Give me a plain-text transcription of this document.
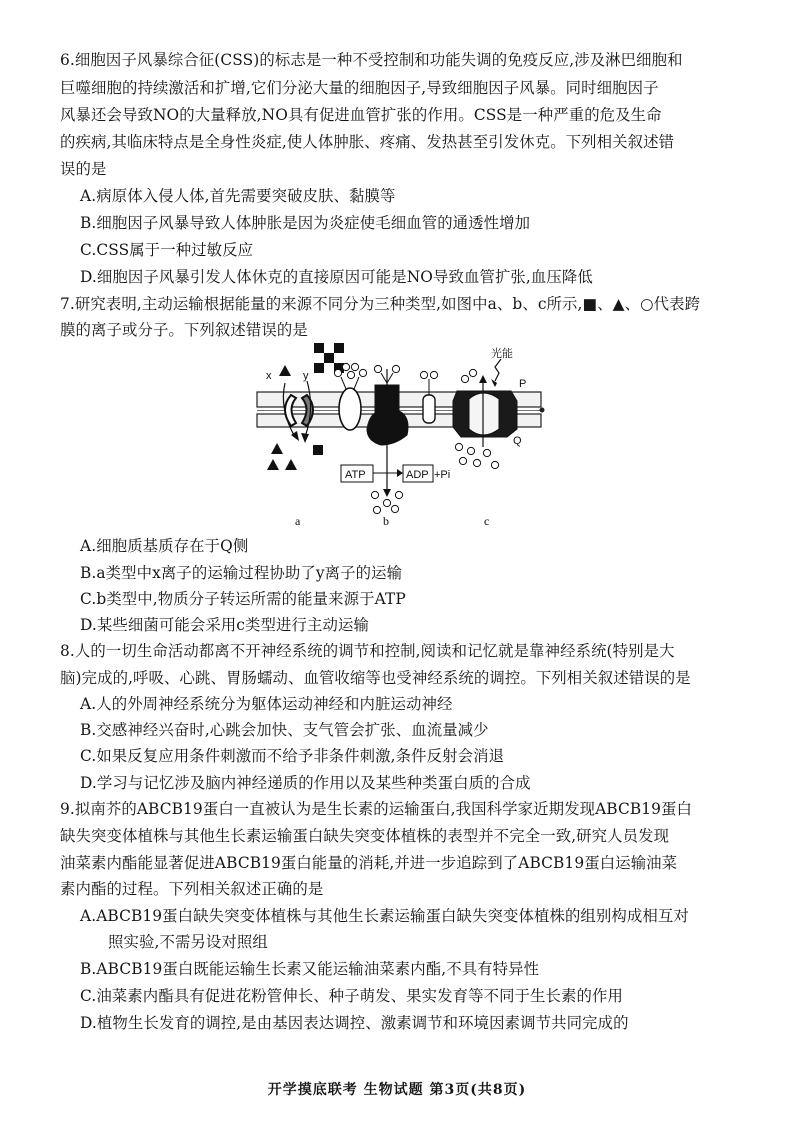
6.细胞因子风暴综合征(CSS)的标志是一种不受控制和功能失调的免疫反应,涉及淋巴细胞和
巨噬细胞的持续激活和扩增,它们分泌大量的细胞因子,导致细胞因子风暴。同时细胞因子
风暴还会导致NO的大量释放,NO具有促进血管扩张的作用。CSS是一种严重的危及生命
的疾病,其临床特点是全身性炎症,使人体肿胀、疼痛、发热甚至引发休克。下列相关叙述错
误的是
A.病原体入侵人体,首先需要突破皮肤、黏膜等
B.细胞因子风暴导致人体肿胀是因为炎症使毛细血管的通透性增加
C.CSS属于一种过敏反应
D.细胞因子风暴引发人体休克的直接原因可能是NO导致血管扩张,血压降低
7.研究表明,主动运输根据能量的来源不同分为三种类型,如图中a、b、c所示,■、▲、○代表跨
膜的离子或分子。下列叙述错误的是
x	y
ATP	ADP +Pi
光能
P
Q
a	b	c
A.细胞质基质存在于Q侧
B.a类型中x离子的运输过程协助了y离子的运输
C.b类型中,物质分子转运所需的能量来源于ATP
D.某些细菌可能会采用c类型进行主动运输
8.人的一切生命活动都离不开神经系统的调节和控制,阅读和记忆就是靠神经系统(特别是大
脑)完成的,呼吸、心跳、胃肠蠕动、血管收缩等也受神经系统的调控。下列相关叙述错误的是
A.人的外周神经系统分为躯体运动神经和内脏运动神经
B.交感神经兴奋时,心跳会加快、支气管会扩张、血流量减少
C.如果反复应用条件刺激而不给予非条件刺激,条件反射会消退
D.学习与记忆涉及脑内神经递质的作用以及某些种类蛋白质的合成
9.拟南芥的ABCB19蛋白一直被认为是生长素的运输蛋白,我国科学家近期发现ABCB19蛋白
缺失突变体植株与其他生长素运输蛋白缺失突变体植株的表型并不完全一致,研究人员发现
油菜素内酯能显著促进ABCB19蛋白能量的消耗,并进一步追踪到了ABCB19蛋白运输油菜
素内酯的过程。下列相关叙述正确的是
A.ABCB19蛋白缺失突变体植株与其他生长素运输蛋白缺失突变体植株的组别构成相互对
照实验,不需另设对照组
B.ABCB19蛋白既能运输生长素又能运输油菜素内酯,不具有特异性
C.油菜素内酯具有促进花粉管伸长、种子萌发、果实发育等不同于生长素的作用
D.植物生长发育的调控,是由基因表达调控、激素调节和环境因素调节共同完成的
开学摸底联考 生物试题 第3页(共8页)
